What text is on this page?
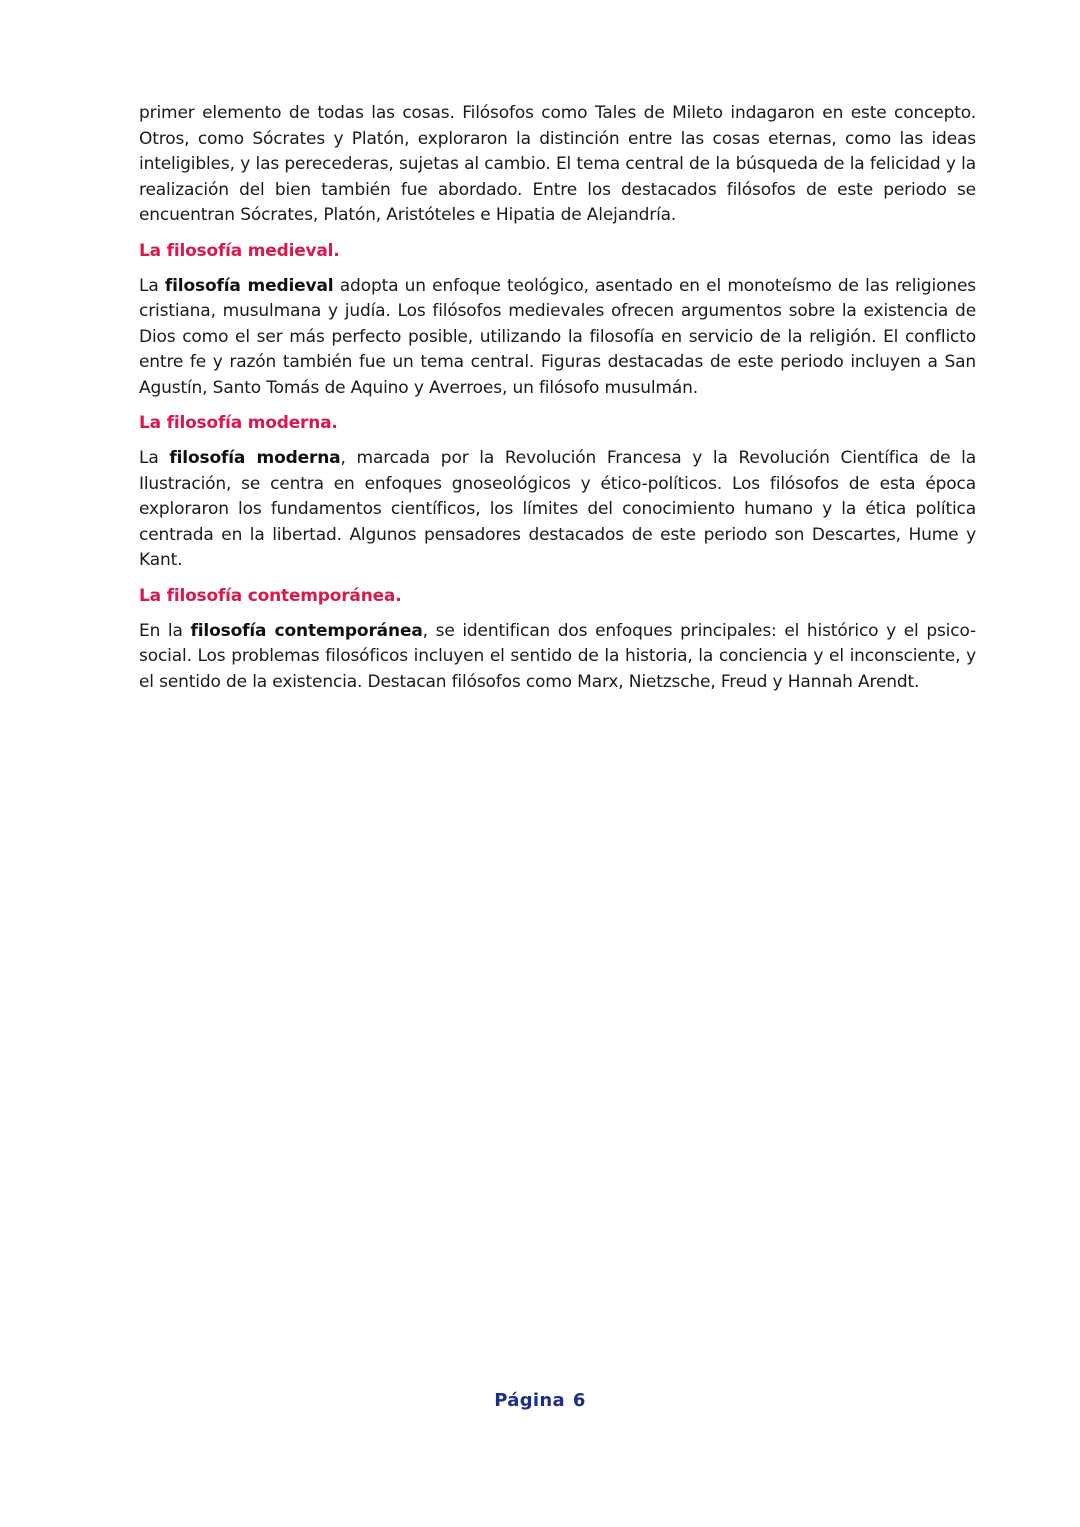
primer elemento de todas las cosas. Filósofos como Tales de Mileto indagaron en este concepto. Otros, como Sócrates y Platón, exploraron la distinción entre las cosas eternas, como las ideas inteligibles, y las perecederas, sujetas al cambio. El tema central de la búsqueda de la felicidad y la realización del bien también fue abordado. Entre los destacados filósofos de este periodo se encuentran Sócrates, Platón, Aristóteles e Hipatia de Alejandría.

La filosofía medieval.

La filosofía medieval adopta un enfoque teológico, asentado en el monoteísmo de las religiones cristiana, musulmana y judía. Los filósofos medievales ofrecen argumentos sobre la existencia de Dios como el ser más perfecto posible, utilizando la filosofía en servicio de la religión. El conflicto entre fe y razón también fue un tema central. Figuras destacadas de este periodo incluyen a San Agustín, Santo Tomás de Aquino y Averroes, un filósofo musulmán.

La filosofía moderna.

La filosofía moderna, marcada por la Revolución Francesa y la Revolución Científica de la Ilustración, se centra en enfoques gnoseológicos y ético-políticos. Los filósofos de esta época exploraron los fundamentos científicos, los límites del conocimiento humano y la ética política centrada en la libertad. Algunos pensadores destacados de este periodo son Descartes, Hume y Kant.

La filosofía contemporánea.

En la filosofía contemporánea, se identifican dos enfoques principales: el histórico y el psico-social. Los problemas filosóficos incluyen el sentido de la historia, la conciencia y el inconsciente, y el sentido de la existencia. Destacan filósofos como Marx, Nietzsche, Freud y Hannah Arendt.

Página 6
